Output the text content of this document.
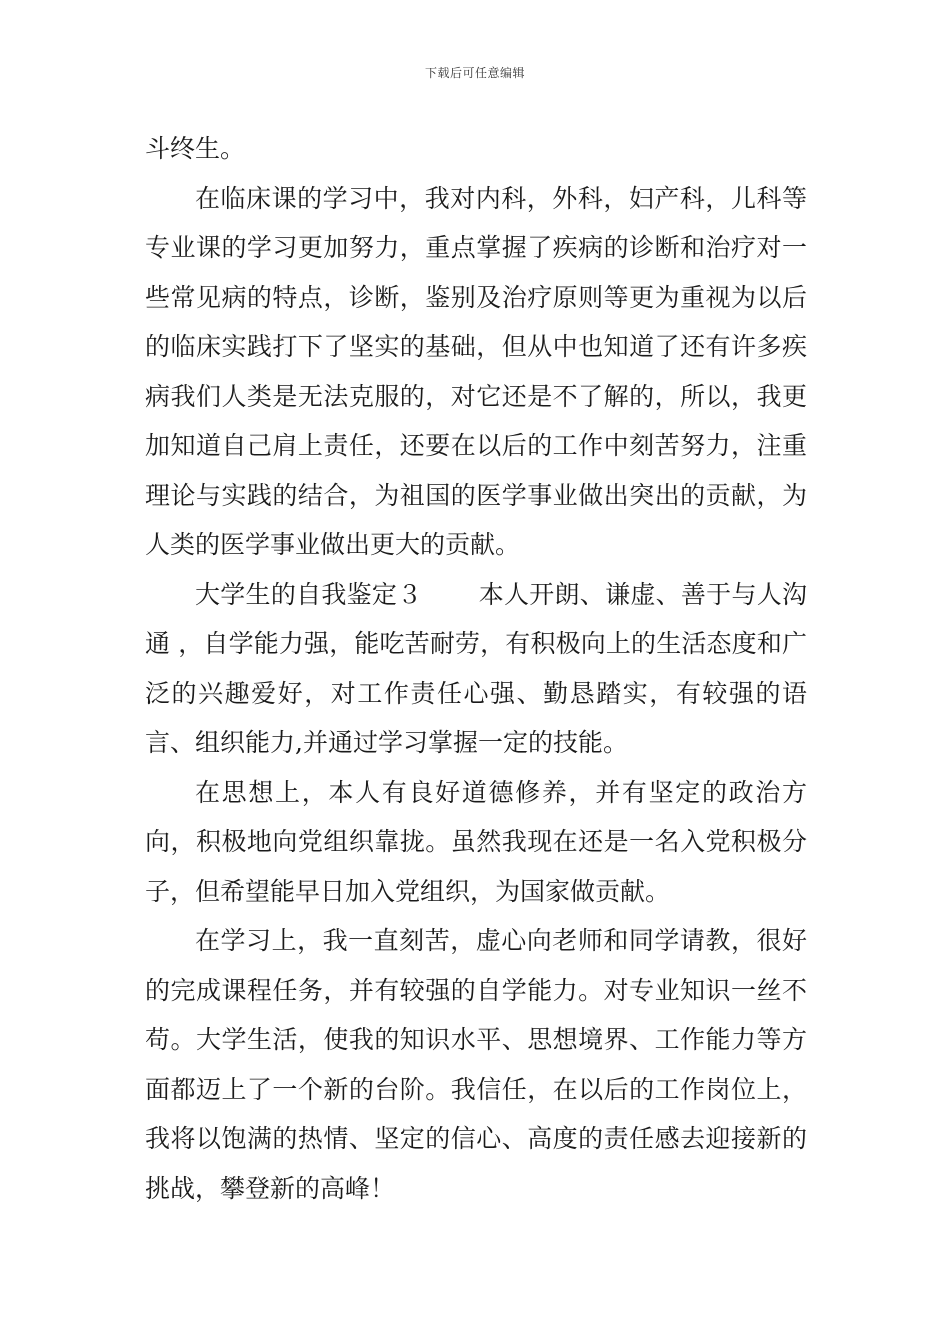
下载后可任意编辑

斗终生。

在临床课的学习中，我对内科，外科，妇产科，儿科等专业课的学习更加努力，重点掌握了疾病的诊断和治疗对一些常见病的特点，诊断，鉴别及治疗原则等更为重视为以后的临床实践打下了坚实的基础，但从中也知道了还有许多疾病我们人类是无法克服的，对它还是不了解的，所以，我更加知道自己肩上责任，还要在以后的工作中刻苦努力，注重理论与实践的结合，为祖国的医学事业做出突出的贡献，为人类的医学事业做出更大的贡献。

大学生的自我鉴定３ 本人开朗、谦虚、善于与人沟通 ，自学能力强，能吃苦耐劳，有积极向上的生活态度和广泛的兴趣爱好，对工作责任心强、勤恳踏实，有较强的语言、组织能力,并通过学习掌握一定的技能。

在思想上，本人有良好道德修养，并有坚定的政治方向，积极地向党组织靠拢。虽然我现在还是一名入党积极分子，但希望能早日加入党组织，为国家做贡献。

在学习上，我一直刻苦，虚心向老师和同学请教，很好的完成课程任务，并有较强的自学能力。对专业知识一丝不苟。大学生活，使我的知识水平、思想境界、工作能力等方面都迈上了一个新的台阶。我信任，在以后的工作岗位上，我将以饱满的热情、坚定的信心、高度的责任感去迎接新的挑战，攀登新的高峰！
